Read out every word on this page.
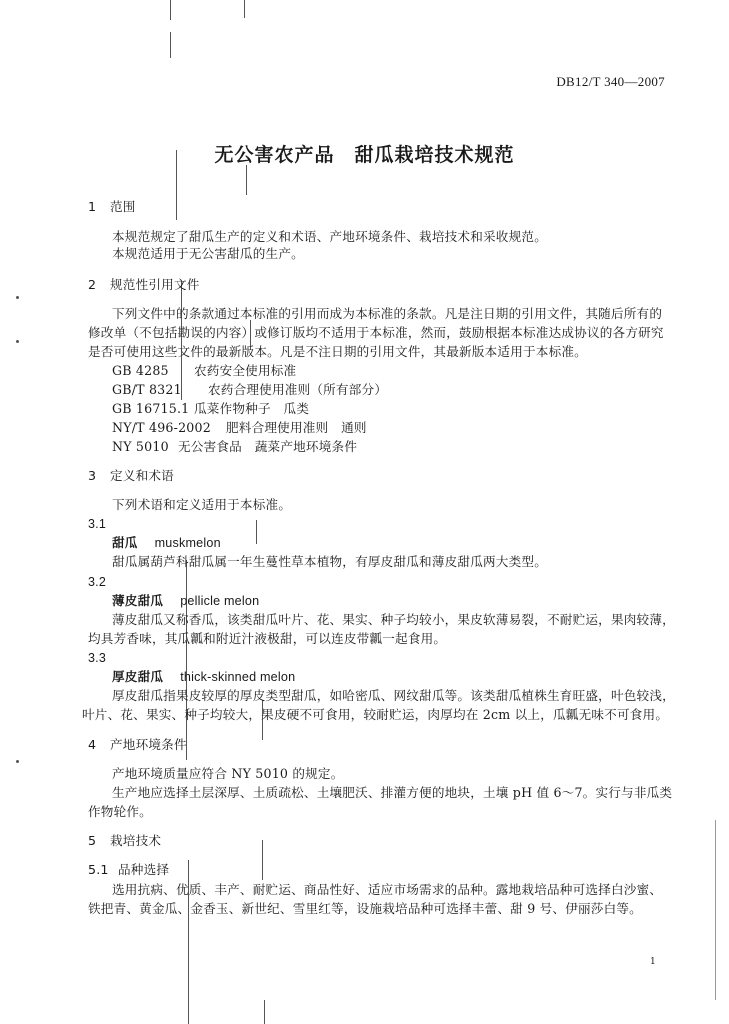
DB12/T 340—2007
无公害农产品　甜瓜栽培技术规范
1 范围
本规范规定了甜瓜生产的定义和术语、产地环境条件、栽培技术和采收规范。
本规范适用于无公害甜瓜的生产。
2 规范性引用文件
下列文件中的条款通过本标准的引用而成为本标准的条款。凡是注日期的引用文件，其随后所有的
修改单（不包括勘误的内容）或修订版均不适用于本标准，然而，鼓励根据本标准达成协议的各方研究
是否可使用这些文件的最新版本。凡是不注日期的引用文件，其最新版本适用于本标准。
GB 4285 农药安全使用标准
GB/T 8321 农药合理使用准则（所有部分）
GB 16715.1 瓜菜作物种子　瓜类
NY/T 496-2002 肥料合理使用准则　通则
NY 5010 无公害食品　蔬菜产地环境条件
3 定义和术语
下列术语和定义适用于本标准。
3.1
甜瓜　 muskmelon
甜瓜属葫芦科甜瓜属一年生蔓性草本植物，有厚皮甜瓜和薄皮甜瓜两大类型。
3.2
薄皮甜瓜　 pellicle melon
薄皮甜瓜又称香瓜，该类甜瓜叶片、花、果实、种子均较小，果皮软薄易裂，不耐贮运，果肉较薄，
均具芳香味，其瓜瓤和附近汁液极甜，可以连皮带瓤一起食用。
3.3
厚皮甜瓜　 thick-skinned melon
厚皮甜瓜指果皮较厚的厚皮类型甜瓜，如哈密瓜、网纹甜瓜等。该类甜瓜植株生育旺盛，叶色较浅，
叶片、花、果实、种子均较大，果皮硬不可食用，较耐贮运，肉厚均在 2cm 以上，瓜瓤无味不可食用。
4 产地环境条件
产地环境质量应符合 NY 5010 的规定。
生产地应选择土层深厚、土质疏松、土壤肥沃、排灌方便的地块，土壤 pH 值 6～7。实行与非瓜类
作物轮作。
5 栽培技术
5.1 品种选择
选用抗病、优质、丰产、耐贮运、商品性好、适应市场需求的品种。露地栽培品种可选择白沙蜜、
铁把青、黄金瓜、金香玉、新世纪、雪里红等，设施栽培品种可选择丰蕾、甜 9 号、伊丽莎白等。
1
